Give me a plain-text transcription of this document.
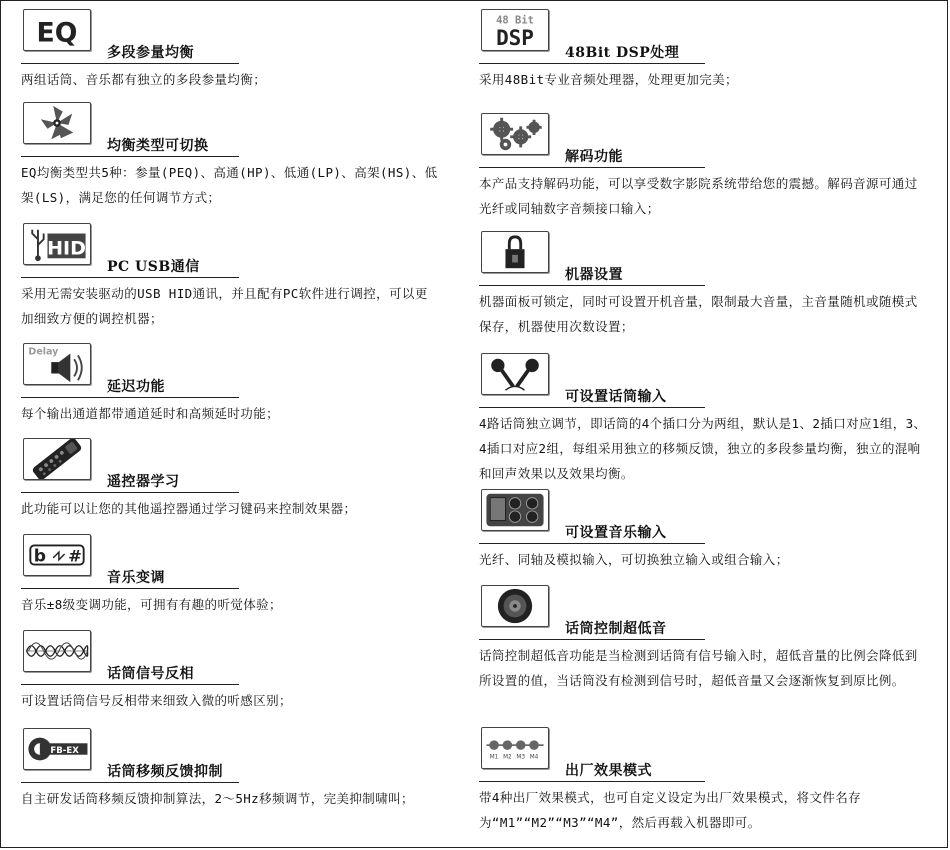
EQ
多段参量均衡

两组话筒、音乐都有独立的多段参量均衡；

均衡类型可切换

EQ均衡类型共5种：参量(PEQ)、高通(HP)、低通(LP)、高架(HS)、低架(LS)，满足您的任何调节方式；

HID
PC USB通信

采用无需安装驱动的USB HID通讯，并且配有PC软件进行调控，可以更加细致方便的调控机器；

Delay
延迟功能

每个输出通道都带通道延时和高频延时功能；

遥控器学习

此功能可以让您的其他遥控器通过学习键码来控制效果器；

b #
音乐变调

音乐±8级变调功能，可拥有有趣的听觉体验；

话筒信号反相

可设置话筒信号反相带来细致入微的听感区别；

FB-EX
话筒移频反馈抑制

自主研发话筒移频反馈抑制算法，2～5Hz移频调节，完美抑制啸叫；

48 Bit
DSP
48Bit DSP处理

采用48Bit专业音频处理器，处理更加完美；

解码功能

本产品支持解码功能，可以享受数字影院系统带给您的震撼。解码音源可通过光纤或同轴数字音频接口输入；

机器设置

机器面板可锁定，同时可设置开机音量，限制最大音量，主音量随机或随模式保存，机器使用次数设置；

可设置话筒输入

4路话筒独立调节，即话筒的4个插口分为两组，默认是1、2插口对应1组，3、4插口对应2组，每组采用独立的移频反馈，独立的多段参量均衡，独立的混响和回声效果以及效果均衡。

可设置音乐输入

光纤、同轴及模拟输入，可切换独立输入或组合输入；

话筒控制超低音

话筒控制超低音功能是当检测到话筒有信号输入时，超低音量的比例会降低到所设置的值，当话筒没有检测到信号时，超低音量又会逐渐恢复到原比例。

M1 M2 M3 M4
出厂效果模式

带4种出厂效果模式，也可自定义设定为出厂效果模式，将文件名存为“M1”“M2”“M3”“M4”，然后再载入机器即可。
